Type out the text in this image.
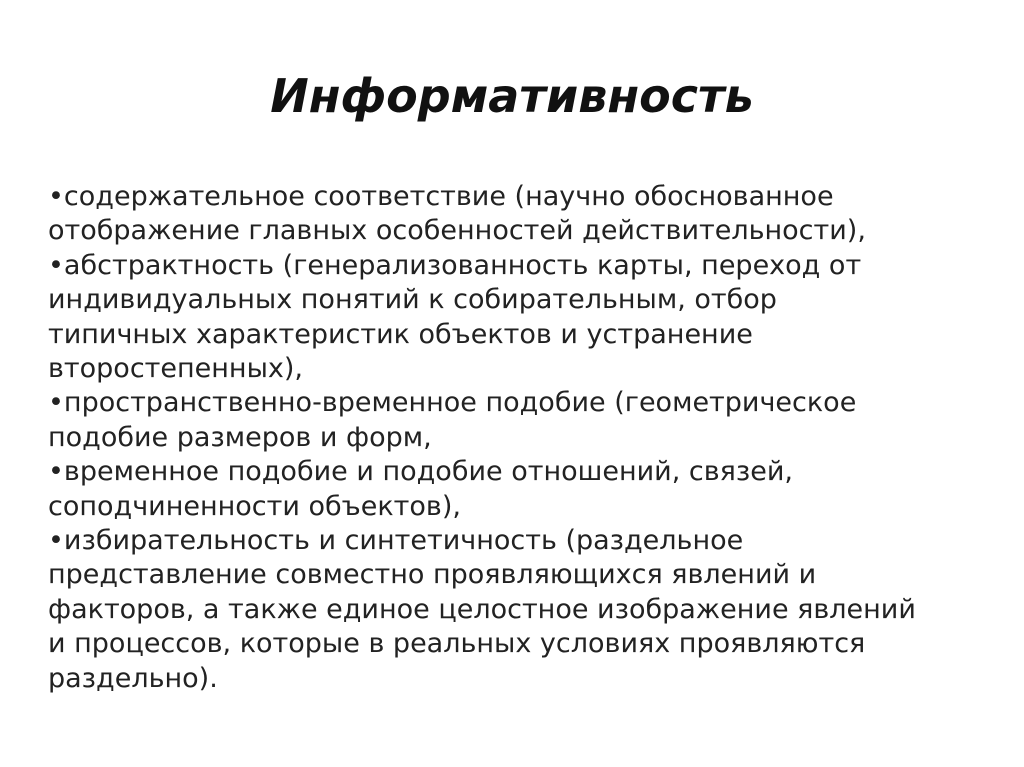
Информативность
•содержательное соответствие (научно обоснованное
отображение главных особенностей действительности),
•абстрактность (генерализованность карты, переход от
индивидуальных понятий к собирательным, отбор
типичных характеристик объектов и устранение
второстепенных),
•пространственно-временное подобие (геометрическое
подобие размеров и форм,
•временное подобие и подобие отношений, связей,
соподчиненности объектов),
•избирательность и синтетичность (раздельное
представление совместно проявляющихся явлений и
факторов, а также единое целостное изображение явлений
и процессов, которые в реальных условиях проявляются
раздельно).
